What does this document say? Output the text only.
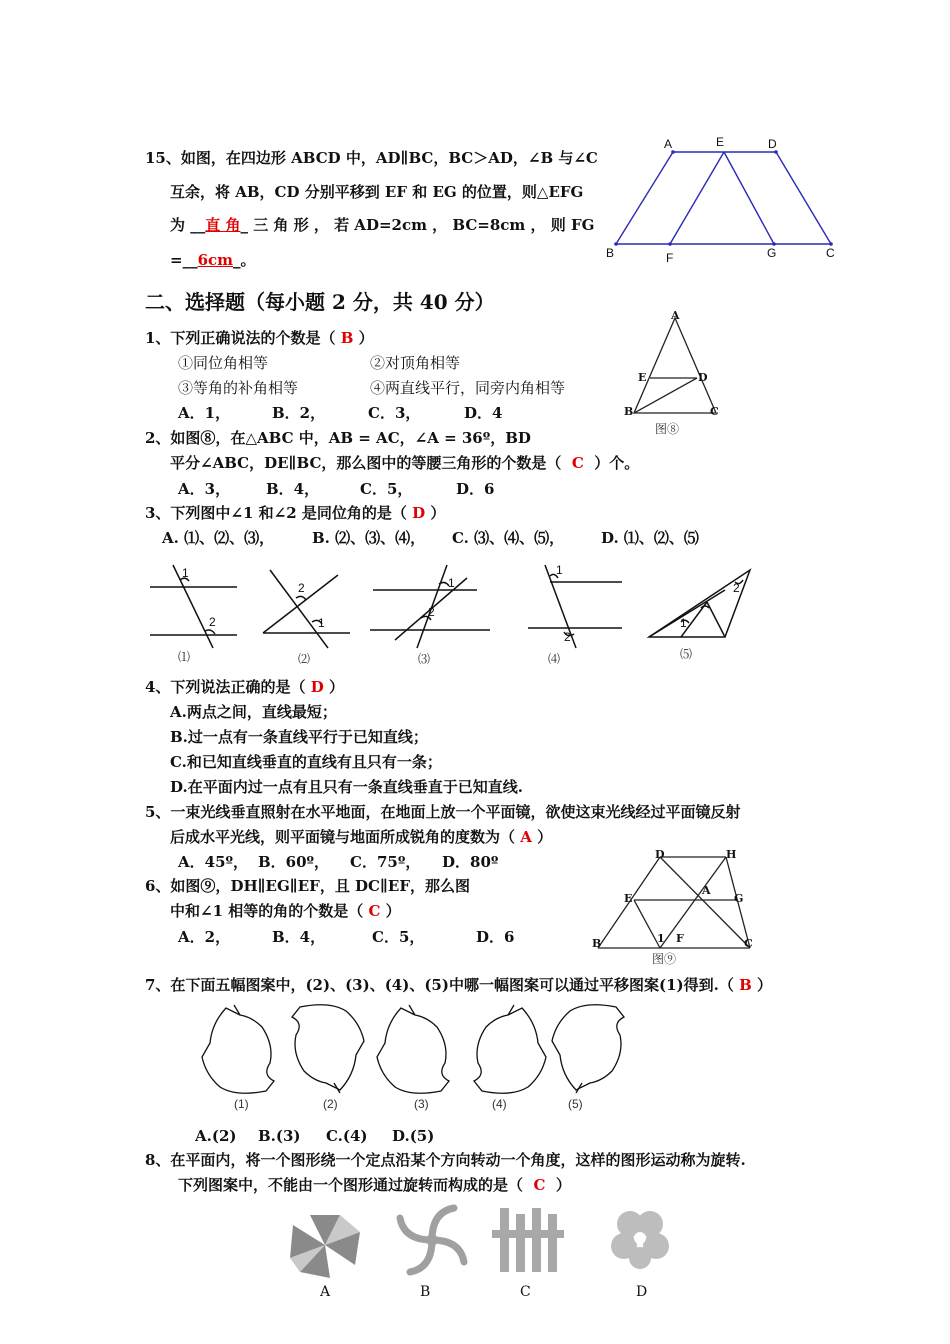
15、如图，在四边形 ABCD 中，AD∥BC，BC＞AD，∠B 与∠C
互余，将 AB，CD 分别平移到 EF 和 EG 的位置，则△EFG
为 __直 角_ 三 角 形 ， 若 AD=2cm ， BC=8cm ， 则 FG
=__6cm_。
A	E	D
B	F	G	C
二、选择题（每小题 2 分，共 40 分）
1、下列正确说法的个数是（ B ）
①同位角相等	②对顶角相等
③等角的补角相等	④两直线平行，同旁内角相等
A．1，	B．2，	C．3，	D．4
A
E	D
B	C
图⑧
2、如图⑧，在△ABC 中，AB = AC，∠A = 36º，BD
平分∠ABC，DE∥BC，那么图中的等腰三角形的个数是（ C ）个。
A．3， B．4，	C．5，	D．6
3、下列图中∠1 和∠2 是同位角的是（ D ）
A. ⑴、⑵、⑶，	B. ⑵、⑶、⑷， C. ⑶、⑷、⑸， D. ⑴、⑵、⑸
1
2
⑴
2
1
⑵
1
2
⑶
1
2
⑷
1
2
⑸
4、下列说法正确的是（ D ）
A.两点之间，直线最短；
B.过一点有一条直线平行于已知直线；
C.和已知直线垂直的直线有且只有一条；
D.在平面内过一点有且只有一条直线垂直于已知直线.
5、一束光线垂直照射在水平地面，在地面上放一个平面镜，欲使这束光线经过平面镜反射
后成水平光线，则平面镜与地面所成锐角的度数为（ A ）
A．45º， B．60º， C．75º， D．80º	D	H
A
E	G
B	1 F	C
图⑨
6、如图⑨，DH∥EG∥EF，且 DC∥EF，那么图
中和∠1 相等的角的个数是（ C ）
A．2，	B．4，	C．5，	D．6
7、在下面五幅图案中，(2)、(3)、(4)、(5)中哪一幅图案可以通过平移图案(1)得到.（ B ）
(1)	(2)	(3)	(4)	(5)
A.(2) B.(3) C.(4) D.(5)
8、在平面内，将一个图形绕一个定点沿某个方向转动一个角度，这样的图形运动称为旋转.
下列图案中，不能由一个图形通过旋转而构成的是（ C ）
A	B	C	D
